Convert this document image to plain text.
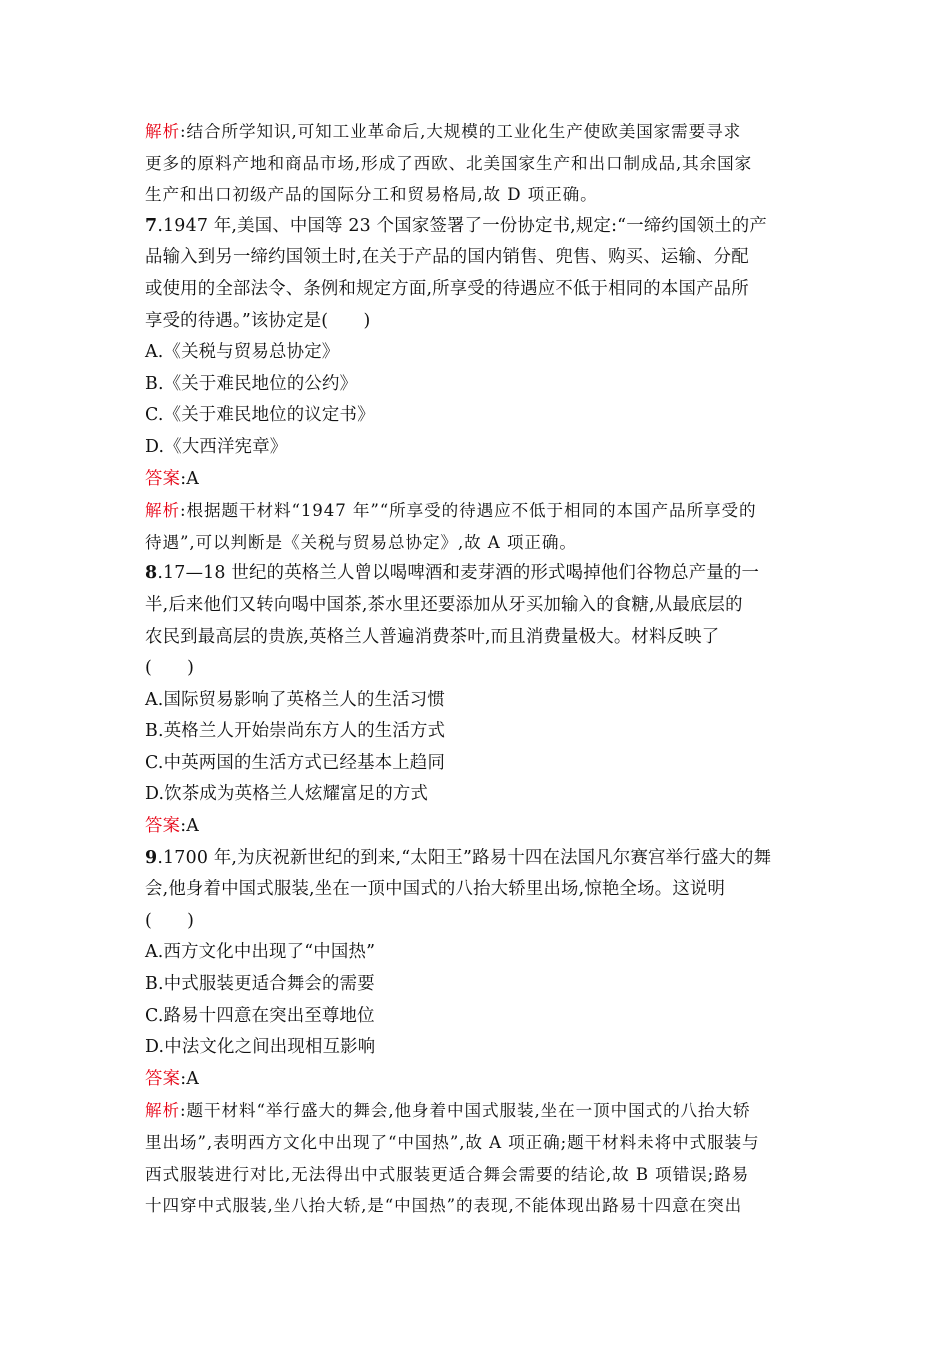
解析:结合所学知识,可知工业革命后,大规模的工业化生产使欧美国家需要寻求
更多的原料产地和商品市场,形成了西欧、北美国家生产和出口制成品,其余国家
生产和出口初级产品的国际分工和贸易格局,故 D 项正确。
7.1947 年,美国、中国等 23 个国家签署了一份协定书,规定:“一缔约国领土的产
品输入到另一缔约国领土时,在关于产品的国内销售、兜售、购买、运输、分配
或使用的全部法令、条例和规定方面,所享受的待遇应不低于相同的本国产品所
享受的待遇。”该协定是(　　)
A.《关税与贸易总协定》
B.《关于难民地位的公约》
C.《关于难民地位的议定书》
D.《大西洋宪章》
答案:A
解析:根据题干材料“1947 年”“所享受的待遇应不低于相同的本国产品所享受的
待遇”,可以判断是《关税与贸易总协定》,故 A 项正确。
8.17—18 世纪的英格兰人曾以喝啤酒和麦芽酒的形式喝掉他们谷物总产量的一
半,后来他们又转向喝中国茶,茶水里还要添加从牙买加输入的食糖,从最底层的
农民到最高层的贵族,英格兰人普遍消费茶叶,而且消费量极大。材料反映了
(　　)
A.国际贸易影响了英格兰人的生活习惯
B.英格兰人开始崇尚东方人的生活方式
C.中英两国的生活方式已经基本上趋同
D.饮茶成为英格兰人炫耀富足的方式
答案:A
9.1700 年,为庆祝新世纪的到来,“太阳王”路易十四在法国凡尔赛宫举行盛大的舞
会,他身着中国式服装,坐在一顶中国式的八抬大轿里出场,惊艳全场。这说明
(　　)
A.西方文化中出现了“中国热”
B.中式服装更适合舞会的需要
C.路易十四意在突出至尊地位
D.中法文化之间出现相互影响
答案:A
解析:题干材料“举行盛大的舞会,他身着中国式服装,坐在一顶中国式的八抬大轿
里出场”,表明西方文化中出现了“中国热”,故 A 项正确;题干材料未将中式服装与
西式服装进行对比,无法得出中式服装更适合舞会需要的结论,故 B 项错误;路易
十四穿中式服装,坐八抬大轿,是“中国热”的表现,不能体现出路易十四意在突出
